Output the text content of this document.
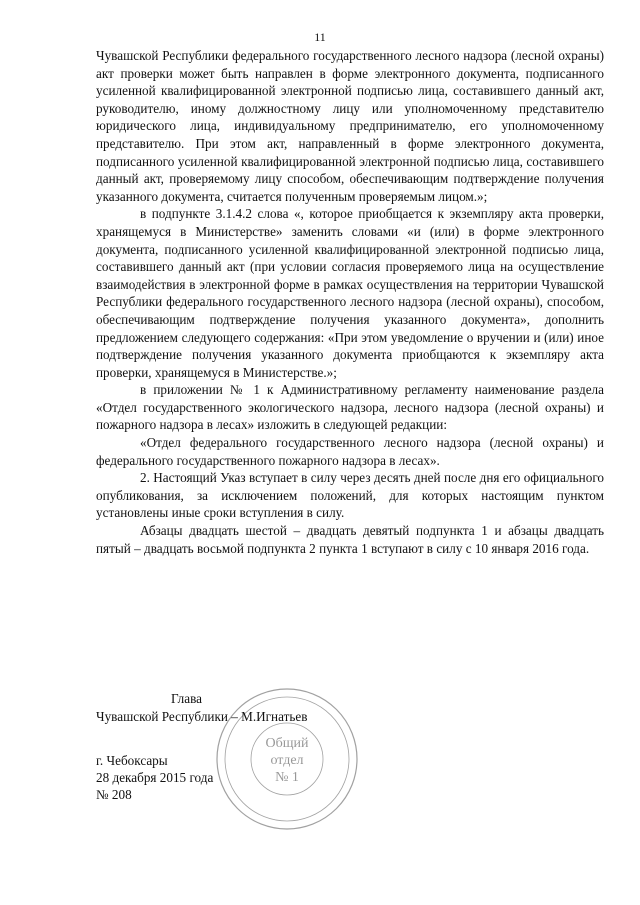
11

Чувашской Республики федерального государственного лесного надзора (лесной охраны) акт проверки может быть направлен в форме электронного документа, подписанного усиленной квалифицированной электронной подписью лица, составившего данный акт, руководителю, иному должностному лицу или уполномоченному представителю юридического лица, индивидуальному предпринимателю, его уполномоченному представителю. При этом акт, направленный в форме электронного документа, подписанного усиленной квалифицированной электронной подписью лица, составившего данный акт, проверяемому лицу способом, обеспечивающим подтверждение получения указанного документа, считается полученным проверяемым лицом.»;

в подпункте 3.1.4.2 слова «, которое приобщается к экземпляру акта проверки, хранящемуся в Министерстве» заменить словами «и (или) в форме электронного документа, подписанного усиленной квалифицированной электронной подписью лица, составившего данный акт (при условии согласия проверяемого лица на осуществление взаимодействия в электронной форме в рамках осуществления на территории Чувашской Республики федерального государственного лесного надзора (лесной охраны), способом, обеспечивающим подтверждение получения указанного документа», дополнить предложением следующего содержания: «При этом уведомление о вручении и (или) иное подтверждение получения указанного документа приобщаются к экземпляру акта проверки, хранящемуся в Министерстве.»;

в приложении № 1 к Административному регламенту наименование раздела «Отдел государственного экологического надзора, лесного надзора (лесной охраны) и пожарного надзора в лесах» изложить в следующей редакции:

«Отдел федерального государственного лесного надзора (лесной охраны) и федерального государственного пожарного надзора в лесах».

2. Настоящий Указ вступает в силу через десять дней после дня его официального опубликования, за исключением положений, для которых настоящим пунктом установлены иные сроки вступления в силу.

Абзацы двадцать шестой – двадцать девятый подпункта 1 и абзацы двадцать пятый – двадцать восьмой подпункта 2 пункта 1 вступают в силу с 10 января 2016 года.

Общий
отдел
№ 1
Глава
Чувашской Республики – М.Игнатьев
г. Чебоксары
28 декабря 2015 года
№ 208
